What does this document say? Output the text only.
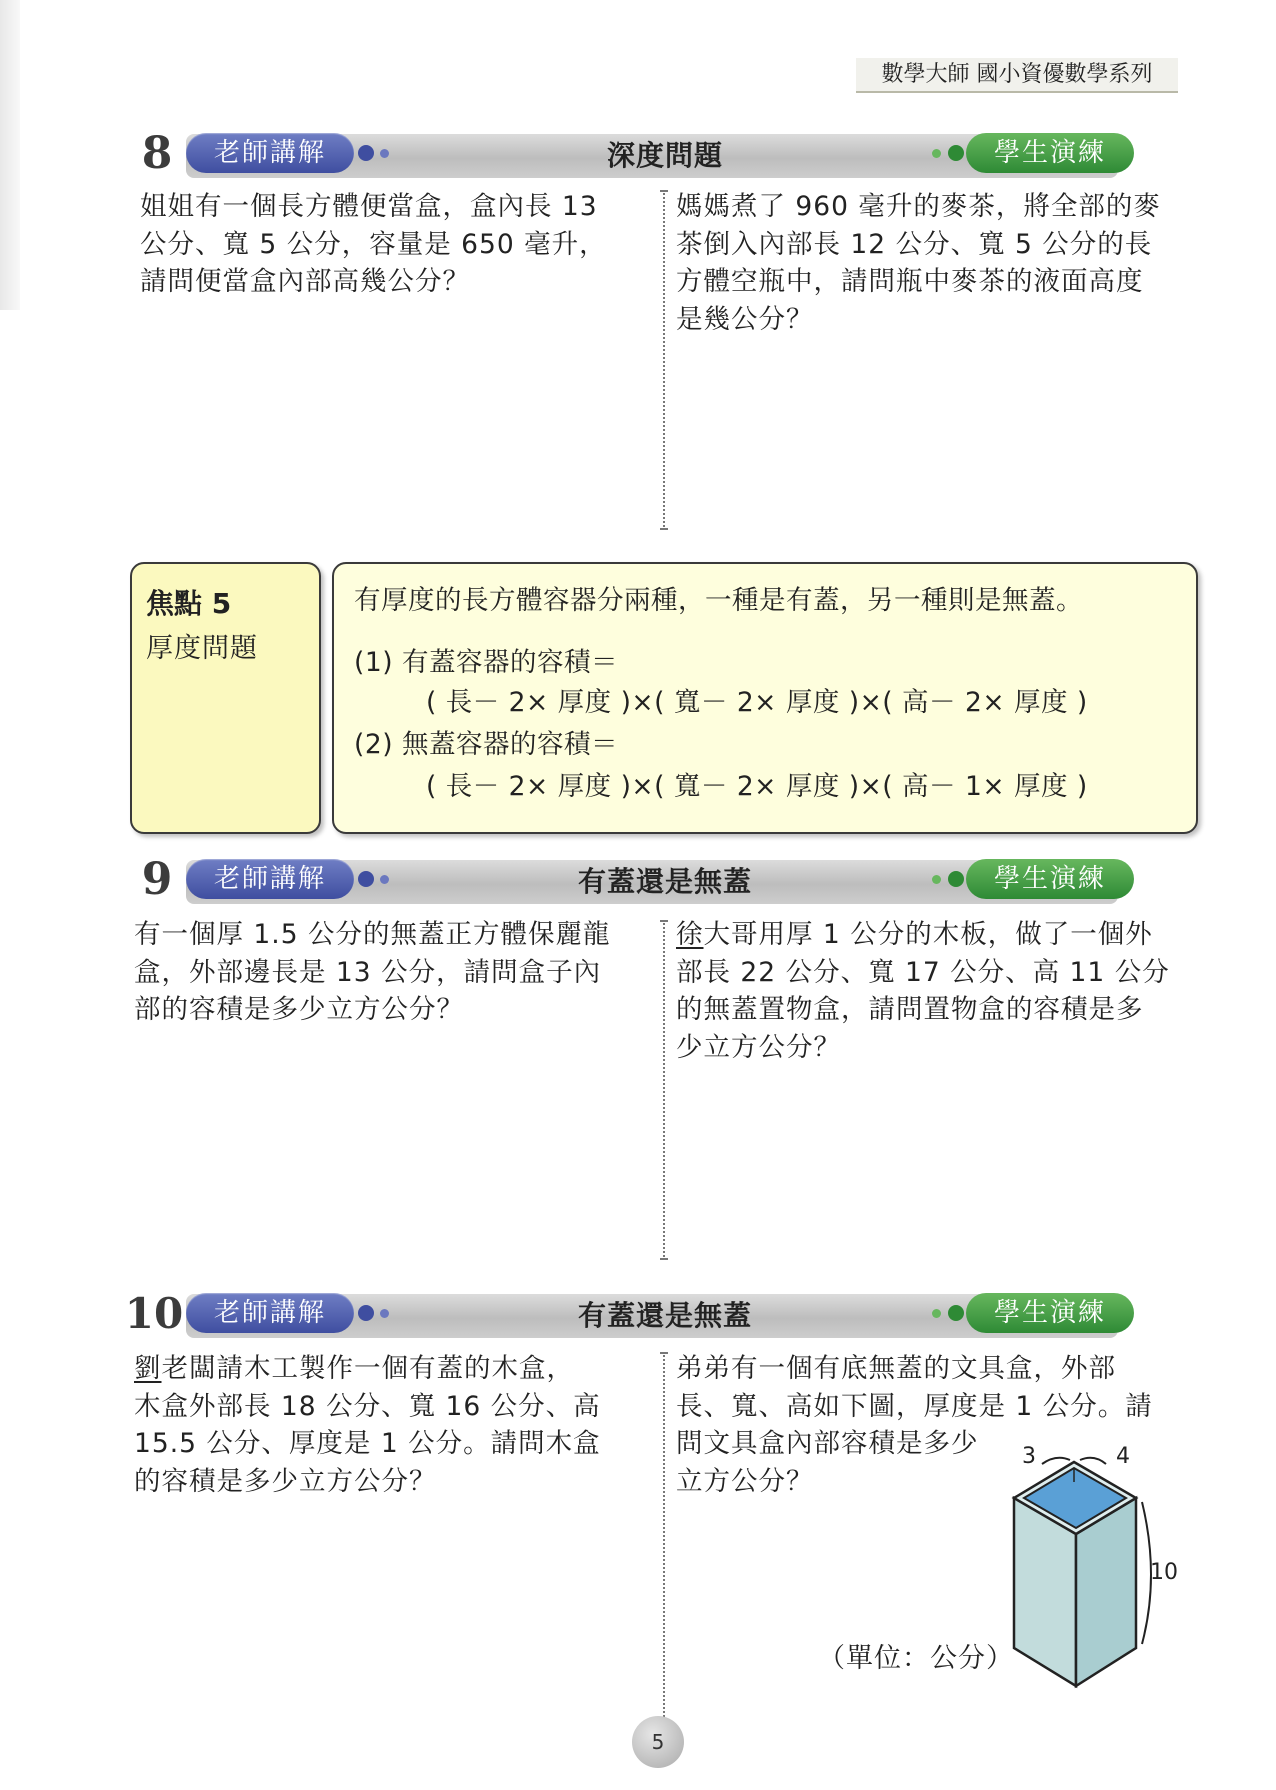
數學大師 國小資優數學系列
8	老師講解	深度問題	學生演練
姐姐有一個長方體便當盒，盒內長 13
公分、寬 5 公分，容量是 650 毫升，
請問便當盒內部高幾公分？
媽媽煮了 960 毫升的麥茶，將全部的麥
茶倒入內部長 12 公分、寬 5 公分的長
方體空瓶中，請問瓶中麥茶的液面高度
是幾公分？
焦點 5
厚度問題
有厚度的長方體容器分兩種，一種是有蓋，另一種則是無蓋。
(1) 有蓋容器的容積＝
( 長－ 2× 厚度 )×( 寬－ 2× 厚度 )×( 高－ 2× 厚度 )
(2) 無蓋容器的容積＝
( 長－ 2× 厚度 )×( 寬－ 2× 厚度 )×( 高－ 1× 厚度 )
9	老師講解	有蓋還是無蓋	學生演練
有一個厚 1.5 公分的無蓋正方體保麗龍
盒，外部邊長是 13 公分，請問盒子內
部的容積是多少立方公分？
徐大哥用厚 1 公分的木板，做了一個外
部長 22 公分、寬 17 公分、高 11 公分
的無蓋置物盒，請問置物盒的容積是多
少立方公分？
10	老師講解	有蓋還是無蓋	學生演練
劉老闆請木工製作一個有蓋的木盒，
木盒外部長 18 公分、寬 16 公分、高
15.5 公分、厚度是 1 公分。請問木盒
的容積是多少立方公分？
弟弟有一個有底無蓋的文具盒，外部
長、寬、高如下圖，厚度是 1 公分。請
問文具盒內部容積是多少
立方公分？
3	4
10
（單位：公分）
5
